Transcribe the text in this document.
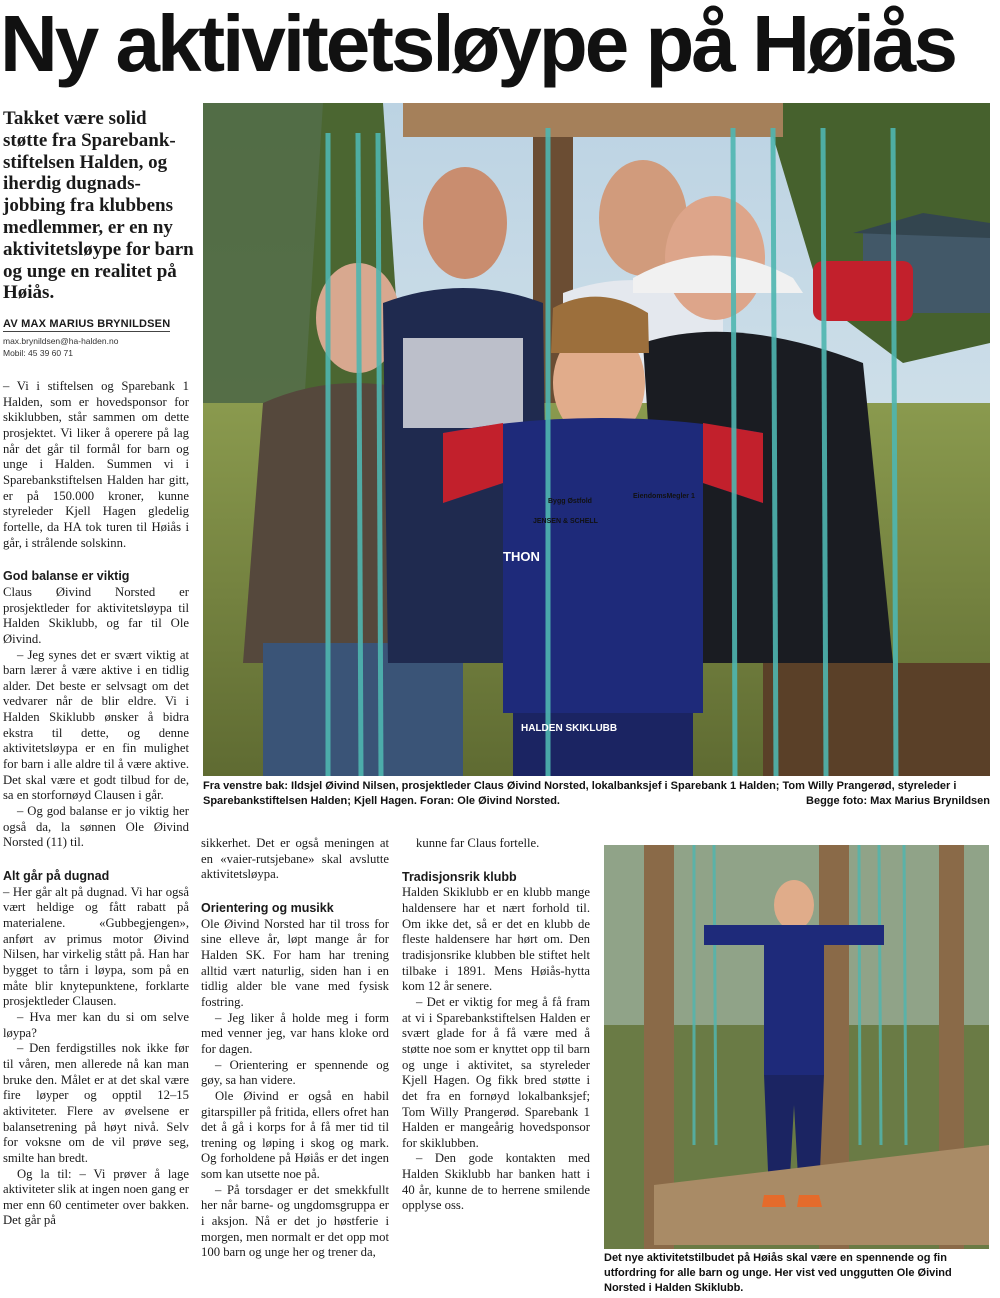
Ny aktivitetsløype på Høiås

Takket være solid støtte fra Sparebank-stiftelsen Halden, og iherdig dugnads-jobbing fra klubbens medlemmer, er en ny aktivitetsløype for barn og unge en realitet på Høiås.

AV MAX MARIUS BRYNILDSEN
max.brynildsen@ha-halden.no
Mobil: 45 39 60 71

– Vi i stiftelsen og Sparebank 1 Halden, som er hovedsponsor for skiklubben, står sammen om dette prosjektet. Vi liker å operere på lag når det går til formål for barn og unge i Halden. Summen vi i Sparebankstiftelsen Halden har gitt, er på 150.000 kroner, kunne styreleder Kjell Hagen gledelig fortelle, da HA tok turen til Høiås i går, i strålende solskinn.

God balanse er viktig

Claus Øivind Norsted er prosjektleder for aktivitetsløypa til Halden Skiklubb, og far til Ole Øivind.

– Jeg synes det er svært viktig at barn lærer å være aktive i en tidlig alder. Det beste er selvsagt om det vedvarer når de blir eldre. Vi i Halden Skiklubb ønsker å bidra ekstra til dette, og denne aktivitetsløypa er en fin mulighet for barn i alle aldre til å være aktive. Det skal være et godt tilbud for de, sa en storfornøyd Clausen i går.

– Og god balanse er jo viktig her også da, la sønnen Ole Øivind Norsted (11) til.

Alt går på dugnad

– Her går alt på dugnad. Vi har også vært heldige og fått rabatt på materialene. «Gubbegjengen», anført av primus motor Øivind Nilsen, har virkelig stått på. Han har bygget to tårn i løypa, som på en måte blir knytepunktene, forklarte prosjektleder Clausen.

– Hva mer kan du si om selve løypa?

– Den ferdigstilles nok ikke før til våren, men allerede nå kan man bruke den. Målet er at det skal være fire løyper og opptil 12–15 aktiviteter. Flere av øvelsene er balansetrening på høyt nivå. Selv for voksne om de vil prøve seg, smilte han bredt.

Og la til: – Vi prøver å lage aktiviteter slik at ingen noen gang er mer enn 60 centimeter over bakken. Det går på

sikkerhet. Det er også meningen at en «vaier-rutsjebane» skal avslutte aktivitetsløypa.

Orientering og musikk

Ole Øivind Norsted har til tross for sine elleve år, løpt mange år for Halden SK. For ham har trening alltid vært naturlig, siden han i en tidlig alder ble vane med fysisk fostring.

– Jeg liker å holde meg i form med venner jeg, var hans kloke ord for dagen.

– Orientering er spennende og gøy, sa han videre.

Ole Øivind er også en habil gitarspiller på fritida, ellers ofret han det å gå i korps for å få mer tid til trening og løping i skog og mark. Og forholdene på Høiås er det ingen som kan utsette noe på.

– På torsdager er det smekkfullt her når barne- og ungdomsgruppa er i aksjon. Nå er det jo høstferie i morgen, men normalt er det opp mot 100 barn og unge her og trener da,

kunne far Claus fortelle.

Tradisjonsrik klubb

Halden Skiklubb er en klubb mange haldensere har et nært forhold til. Om ikke det, så er det en klubb de fleste haldensere har hørt om. Den tradisjonsrike klubben ble stiftet helt tilbake i 1891. Mens Høiås-hytta kom 12 år senere.

– Det er viktig for meg å få fram at vi i Sparebankstiftelsen Halden er svært glade for å få være med å støtte noe som er knyttet opp til barn og unge i aktivitet, sa styreleder Kjell Hagen. Og fikk bred støtte i det fra en fornøyd lokalbanksjef; Tom Willy Prangerød. Sparebank 1 Halden er mangeårig hovedsponsor for skiklubben.

– Den gode kontakten med Halden Skiklubb har banken hatt i 40 år, kunne de to herrene smilende opplyse oss.

THON
JENSEN & SCHELL
Bygg Østfold
EiendomsMegler 1
HALDEN SKIKLUBB
Fra venstre bak: Ildsjel Øivind Nilsen, prosjektleder Claus Øivind Norsted, lokalbanksjef i Sparebank 1 Halden; Tom Willy Prangerød, styreleder i Sparebankstiftelsen Halden; Kjell Hagen. Foran: Ole Øivind Norsted.	Begge foto: Max Marius Brynildsen
Det nye aktivitetstilbudet på Høiås skal være en spennende og fin utfordring for alle barn og unge. Her vist ved unggutten Ole Øivind Norsted i Halden Skiklubb.
